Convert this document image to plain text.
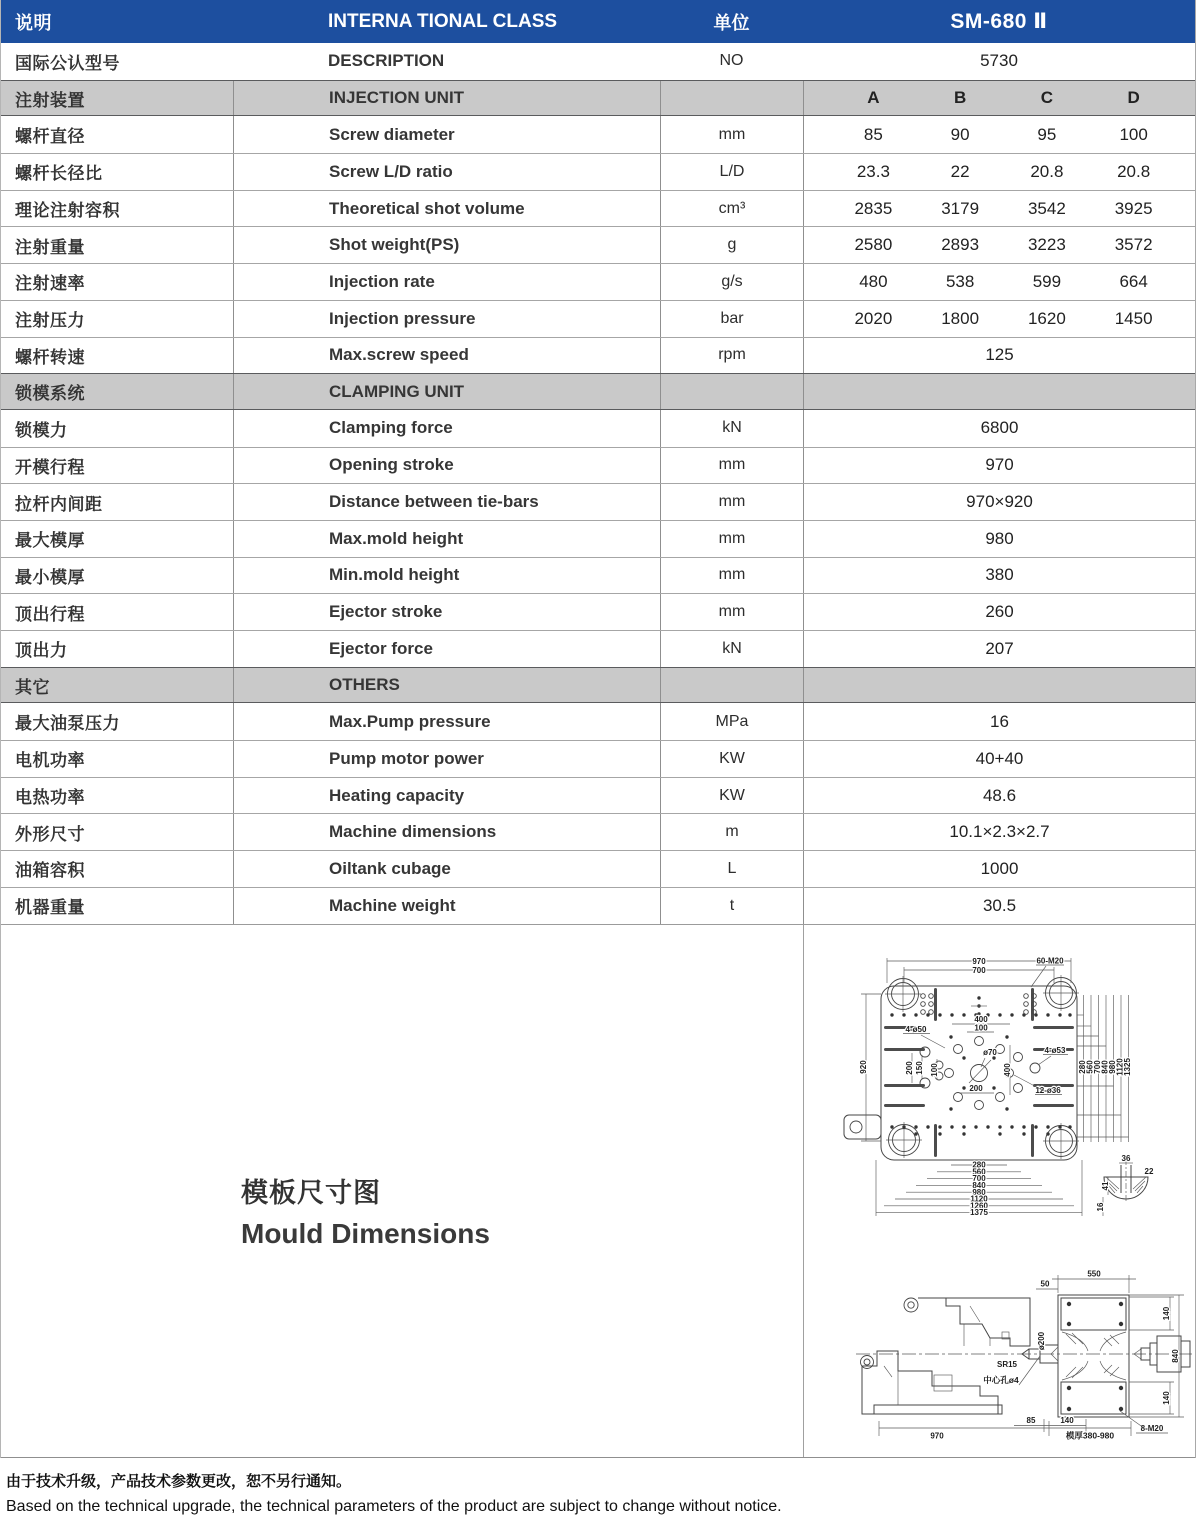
说明	INTERNA TIONAL CLASS	单位	SM-680 Ⅱ
国际公认型号	DESCRIPTION	NO	5730
注射装置	INJECTION UNIT	A	B	C	D
螺杆直径	Screw diameter	mm	85	90	95	100
螺杆长径比	Screw L/D ratio	L/D	23.3	22	20.8	20.8
理论注射容积	Theoretical shot volume	cm³	2835	3179	3542	3925
注射重量	Shot weight(PS)	g	2580	2893	3223	3572
注射速率	Injection rate	g/s	480	538	599	664
注射压力	Injection pressure	bar	2020	1800	1620	1450
螺杆转速	Max.screw speed	rpm	125
锁模系统	CLAMPING UNIT
锁模力	Clamping force	kN	6800
开模行程	Opening stroke	mm	970
拉杆内间距	Distance between tie-bars	mm	970×920
最大模厚	Max.mold height	mm	980
最小模厚	Min.mold height	mm	380
顶出行程	Ejector stroke	mm	260
顶出力	Ejector force	kN	207
其它	OTHERS
最大油泵压力	Max.Pump pressure	MPa	16
电机功率	Pump motor power	KW	40+40
电热功率	Heating capacity	KW	48.6
外形尺寸	Machine dimensions	m	10.1×2.3×2.7
油箱容积	Oiltank cubage	L	1000
机器重量	Machine weight	t	30.5
模板尺寸图
Mould Dimensions
970
700
60-M20
920	280
560
700
840
980
1120
1325
280
560
700
840
980
1120
1260
1375
400
100
4-ø50
ø70
200 150 100	400
200
4-ø53
12-ø36
36
22
41
16
550
50
140
840
140
ø200
SR15
中心孔ø4
85	140
8-M20
970	模厚380-980
由于技术升级，产品技术参数更改，恕不另行通知。
Based on the technical upgrade, the technical parameters of the product are subject to change without notice.
